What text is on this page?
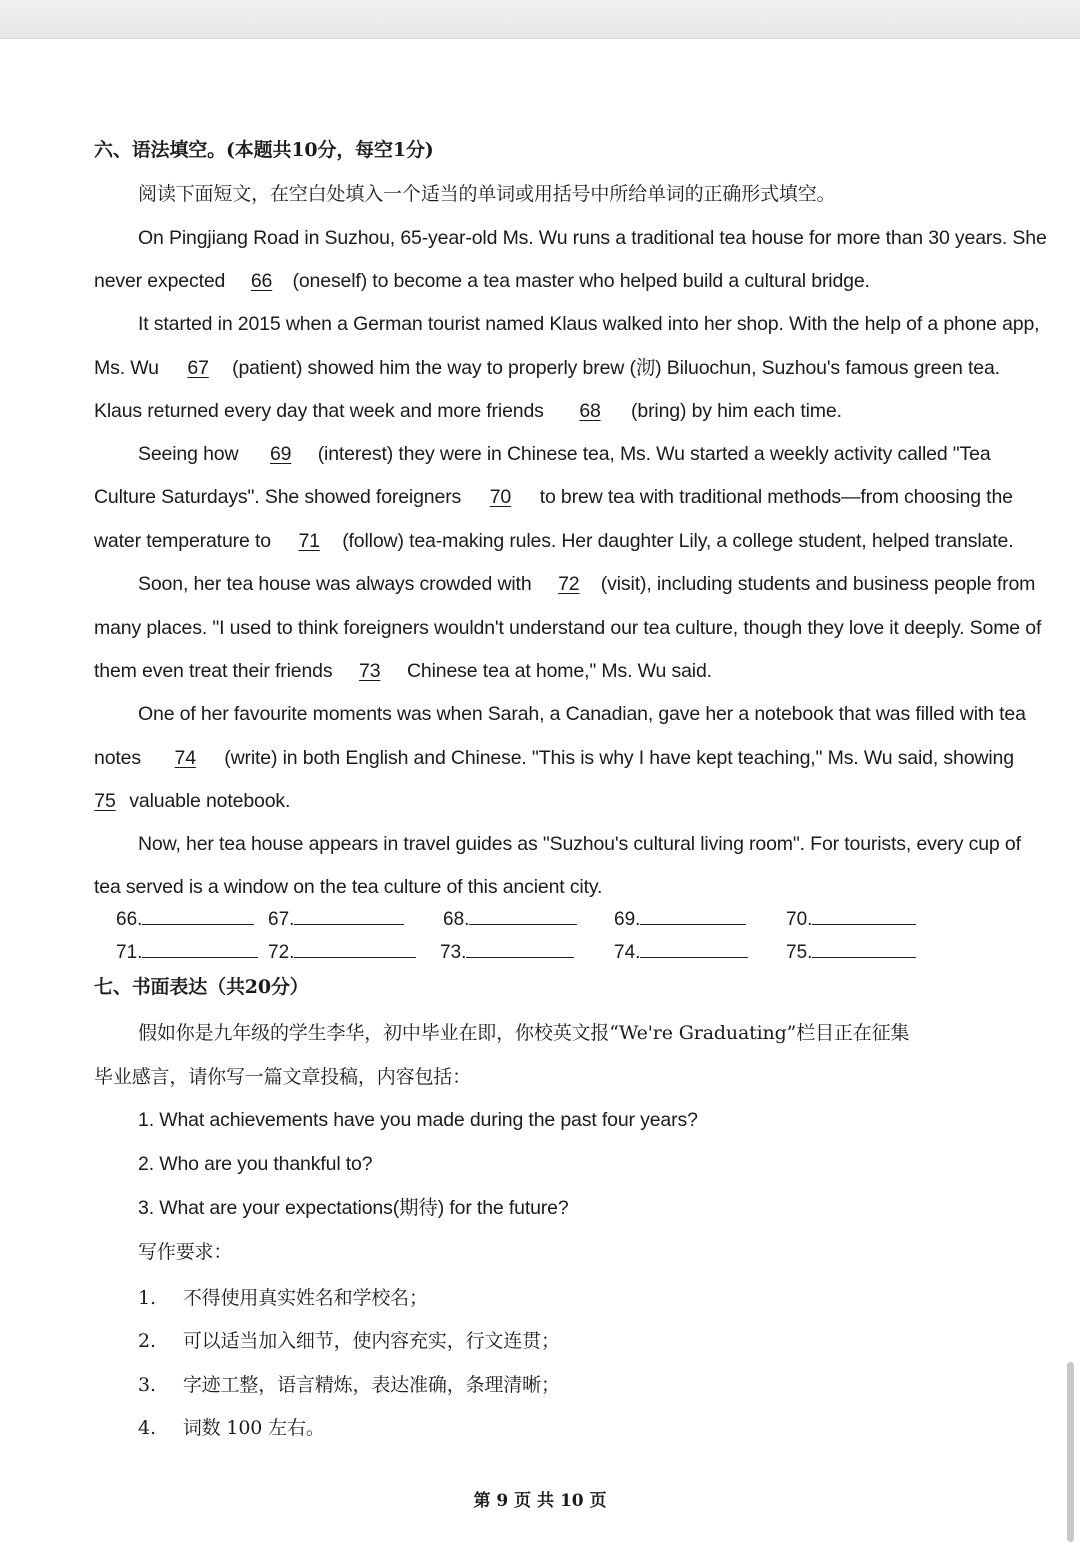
六、语法填空。(本题共10分，每空1分)
阅读下面短文，在空白处填入一个适当的单词或用括号中所给单词的正确形式填空。
On Pingjiang Road in Suzhou, 65-year-old Ms. Wu runs a traditional tea house for more than 30 years. She
never expected 66 (oneself) to become a tea master who helped build a cultural bridge.
It started in 2015 when a German tourist named Klaus walked into her shop. With the help of a phone app,
Ms. Wu 67 (patient) showed him the way to properly brew (沏) Biluochun, Suzhou's famous green tea.
Klaus returned every day that week and more friends 68 (bring) by him each time.
Seeing how 69 (interest) they were in Chinese tea, Ms. Wu started a weekly activity called "Tea
Culture Saturdays". She showed foreigners 70 to brew tea with traditional methods—from choosing the
water temperature to 71 (follow) tea-making rules. Her daughter Lily, a college student, helped translate.
Soon, her tea house was always crowded with 72 (visit), including students and business people from
many places. "I used to think foreigners wouldn't understand our tea culture, though they love it deeply. Some of
them even treat their friends 73 Chinese tea at home," Ms. Wu said.
One of her favourite moments was when Sarah, a Canadian, gave her a notebook that was filled with tea
notes 74 (write) in both English and Chinese. "This is why I have kept teaching," Ms. Wu said, showing
75 valuable notebook.
Now, her tea house appears in travel guides as "Suzhou's cultural living room". For tourists, every cup of
tea served is a window on the tea culture of this ancient city.
66.	67.	68.	69.	70.
71.	72.	73.	74.	75.
七、书面表达（共20分）
假如你是九年级的学生李华，初中毕业在即，你校英文报“We're Graduating”栏目正在征集
毕业感言，请你写一篇文章投稿，内容包括：
1. What achievements have you made during the past four years?
2. Who are you thankful to?
3. What are your expectations(期待) for the future?
写作要求：
1. 不得使用真实姓名和学校名；
2. 可以适当加入细节，使内容充实，行文连贯；
3. 字迹工整，语言精炼，表达准确，条理清晰；
4. 词数 100 左右。
第 9 页 共 10 页
